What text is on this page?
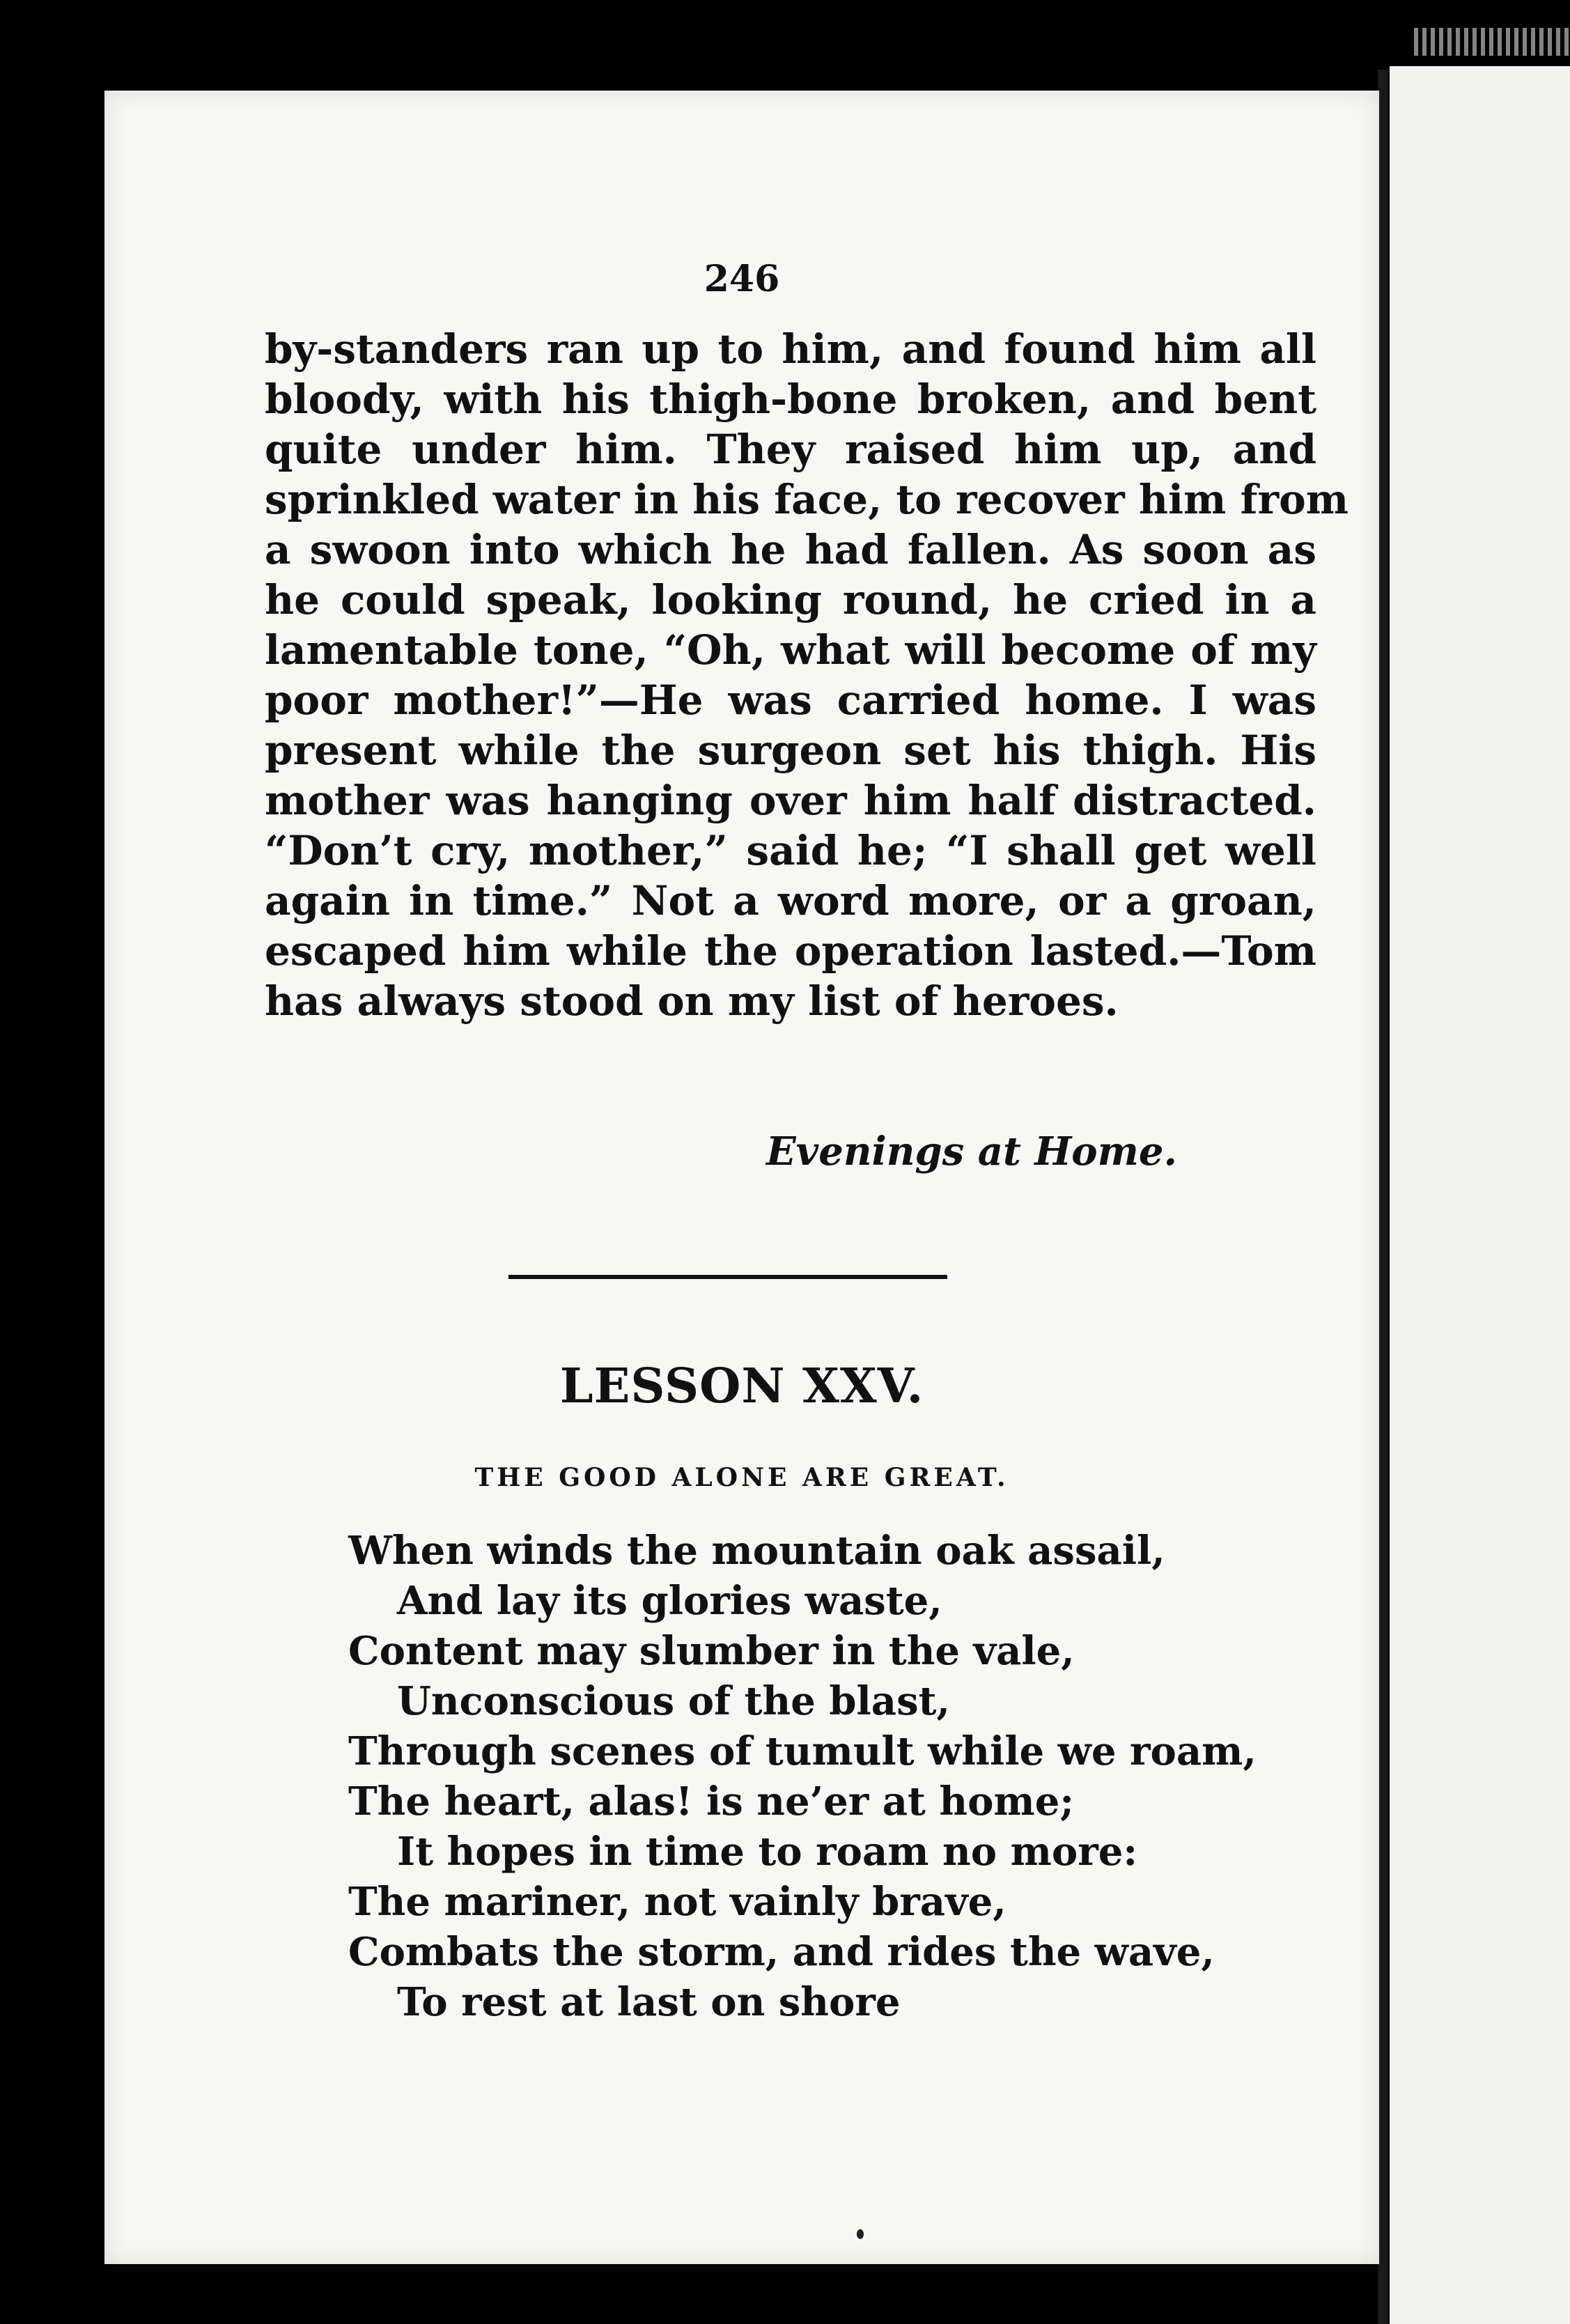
246
by-standers ran up to him, and found him all
bloody, with his thigh-bone broken, and bent
quite under him. They raised him up, and
sprinkled water in his face, to recover him from
a swoon into which he had fallen. As soon as
he could speak, looking round, he cried in a
lamentable tone, “Oh, what will become of my
poor mother!”—He was carried home. I was
present while the surgeon set his thigh. His
mother was hanging over him half distracted.
“Don’t cry, mother,” said he; “I shall get well
again in time.” Not a word more, or a groan,
escaped him while the operation lasted.—Tom
has always stood on my list of heroes.
Evenings at Home.
LESSON XXV.
THE GOOD ALONE ARE GREAT.
When winds the mountain oak assail,
And lay its glories waste,
Content may slumber in the vale,
Unconscious of the blast,
Through scenes of tumult while we roam,
The heart, alas! is ne’er at home;
It hopes in time to roam no more:
The mariner, not vainly brave,
Combats the storm, and rides the wave,
To rest at last on shore
